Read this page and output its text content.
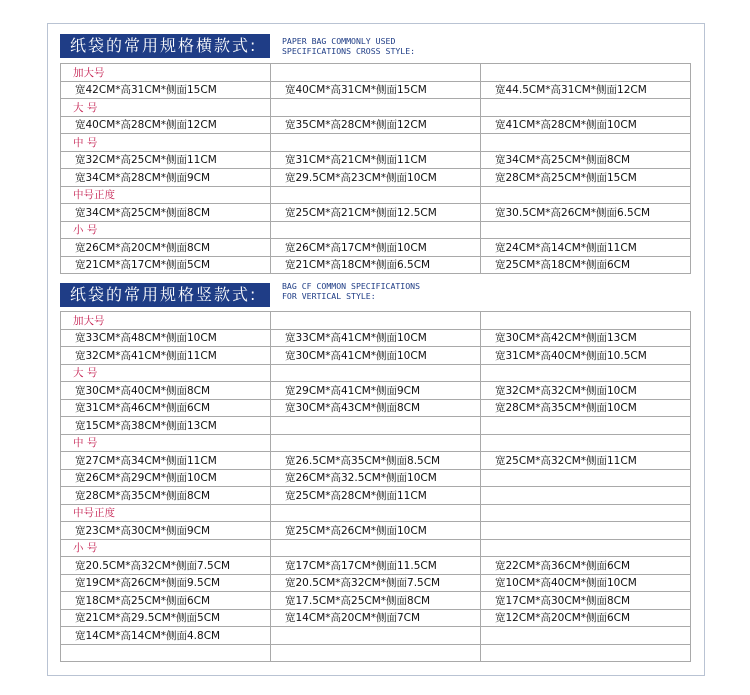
纸袋的常用规格横款式:	PAPER BAG COMMONLY USED
SPECIFICATIONS CROSS STYLE:
加大号		
宽42CM*高31CM*侧面15CM	宽40CM*高31CM*侧面15CM	宽44.5CM*高31CM*侧面12CM
大 号		
宽40CM*高28CM*侧面12CM	宽35CM*高28CM*侧面12CM	宽41CM*高28CM*侧面10CM
中 号		
宽32CM*高25CM*侧面11CM	宽31CM*高21CM*侧面11CM	宽34CM*高25CM*侧面8CM
宽34CM*高28CM*侧面9CM	宽29.5CM*高23CM*侧面10CM	宽28CM*高25CM*侧面15CM
中号正度		
宽34CM*高25CM*侧面8CM	宽25CM*高21CM*侧面12.5CM	宽30.5CM*高26CM*侧面6.5CM
小 号		
宽26CM*高20CM*侧面8CM	宽26CM*高17CM*侧面10CM	宽24CM*高14CM*侧面11CM
宽21CM*高17CM*侧面5CM	宽21CM*高18CM*侧面6.5CM	宽25CM*高18CM*侧面6CM
纸袋的常用规格竖款式:	BAG CF COMMON SPECIFICATIONS
FOR VERTICAL STYLE:
加大号		
宽33CM*高48CM*侧面10CM	宽33CM*高41CM*侧面10CM	宽30CM*高42CM*侧面13CM
宽32CM*高41CM*侧面11CM	宽30CM*高41CM*侧面10CM	宽31CM*高40CM*侧面10.5CM
大 号		
宽30CM*高40CM*侧面8CM	宽29CM*高41CM*侧面9CM	宽32CM*高32CM*侧面10CM
宽31CM*高46CM*侧面6CM	宽30CM*高43CM*侧面8CM	宽28CM*高35CM*侧面10CM
宽15CM*高38CM*侧面13CM		
中 号		
宽27CM*高34CM*侧面11CM	宽26.5CM*高35CM*侧面8.5CM	宽25CM*高32CM*侧面11CM
宽26CM*高29CM*侧面10CM	宽26CM*高32.5CM*侧面10CM	
宽28CM*高35CM*侧面8CM	宽25CM*高28CM*侧面11CM	
中号正度		
宽23CM*高30CM*侧面9CM	宽25CM*高26CM*侧面10CM	
小 号		
宽20.5CM*高32CM*侧面7.5CM	宽17CM*高17CM*侧面11.5CM	宽22CM*高36CM*侧面6CM
宽19CM*高26CM*侧面9.5CM	宽20.5CM*高32CM*侧面7.5CM	宽10CM*高40CM*侧面10CM
宽18CM*高25CM*侧面6CM	宽17.5CM*高25CM*侧面8CM	宽17CM*高30CM*侧面8CM
宽21CM*高29.5CM*侧面5CM	宽14CM*高20CM*侧面7CM	宽12CM*高20CM*侧面6CM
宽14CM*高14CM*侧面4.8CM		
